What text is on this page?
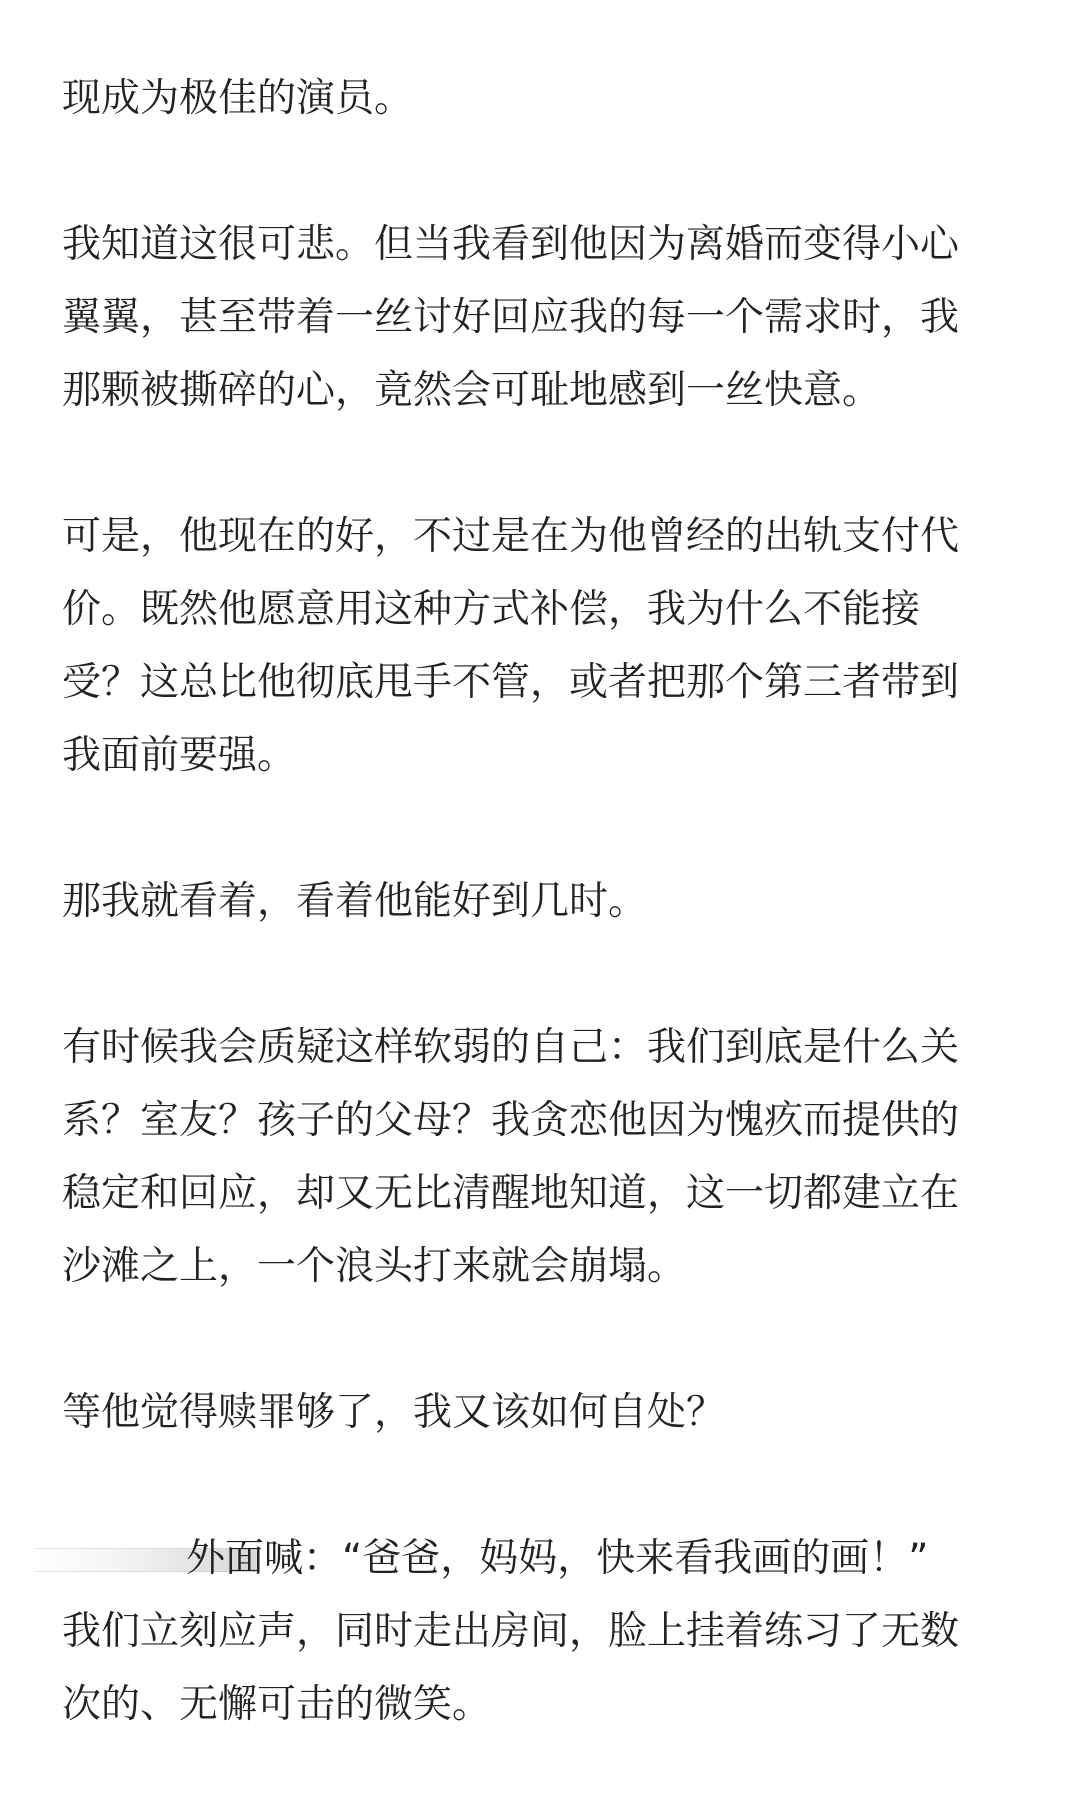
现成为极佳的演员。
我知道这很可悲。但当我看到他因为离婚而变得小心
翼翼，甚至带着一丝讨好回应我的每一个需求时，我
那颗被撕碎的心，竟然会可耻地感到一丝快意。
可是，他现在的好，不过是在为他曾经的出轨支付代
价。既然他愿意用这种方式补偿，我为什么不能接
受？这总比他彻底甩手不管，或者把那个第三者带到
我面前要强。
那我就看着，看着他能好到几时。
有时候我会质疑这样软弱的自己：我们到底是什么关
系？室友？孩子的父母？我贪恋他因为愧疚而提供的
稳定和回应，却又无比清醒地知道，这一切都建立在
沙滩之上，一个浪头打来就会崩塌。
等他觉得赎罪够了，我又该如何自处？
外面喊：“爸爸，妈妈，快来看我画的画！”
我们立刻应声，同时走出房间，脸上挂着练习了无数
次的、无懈可击的微笑。
